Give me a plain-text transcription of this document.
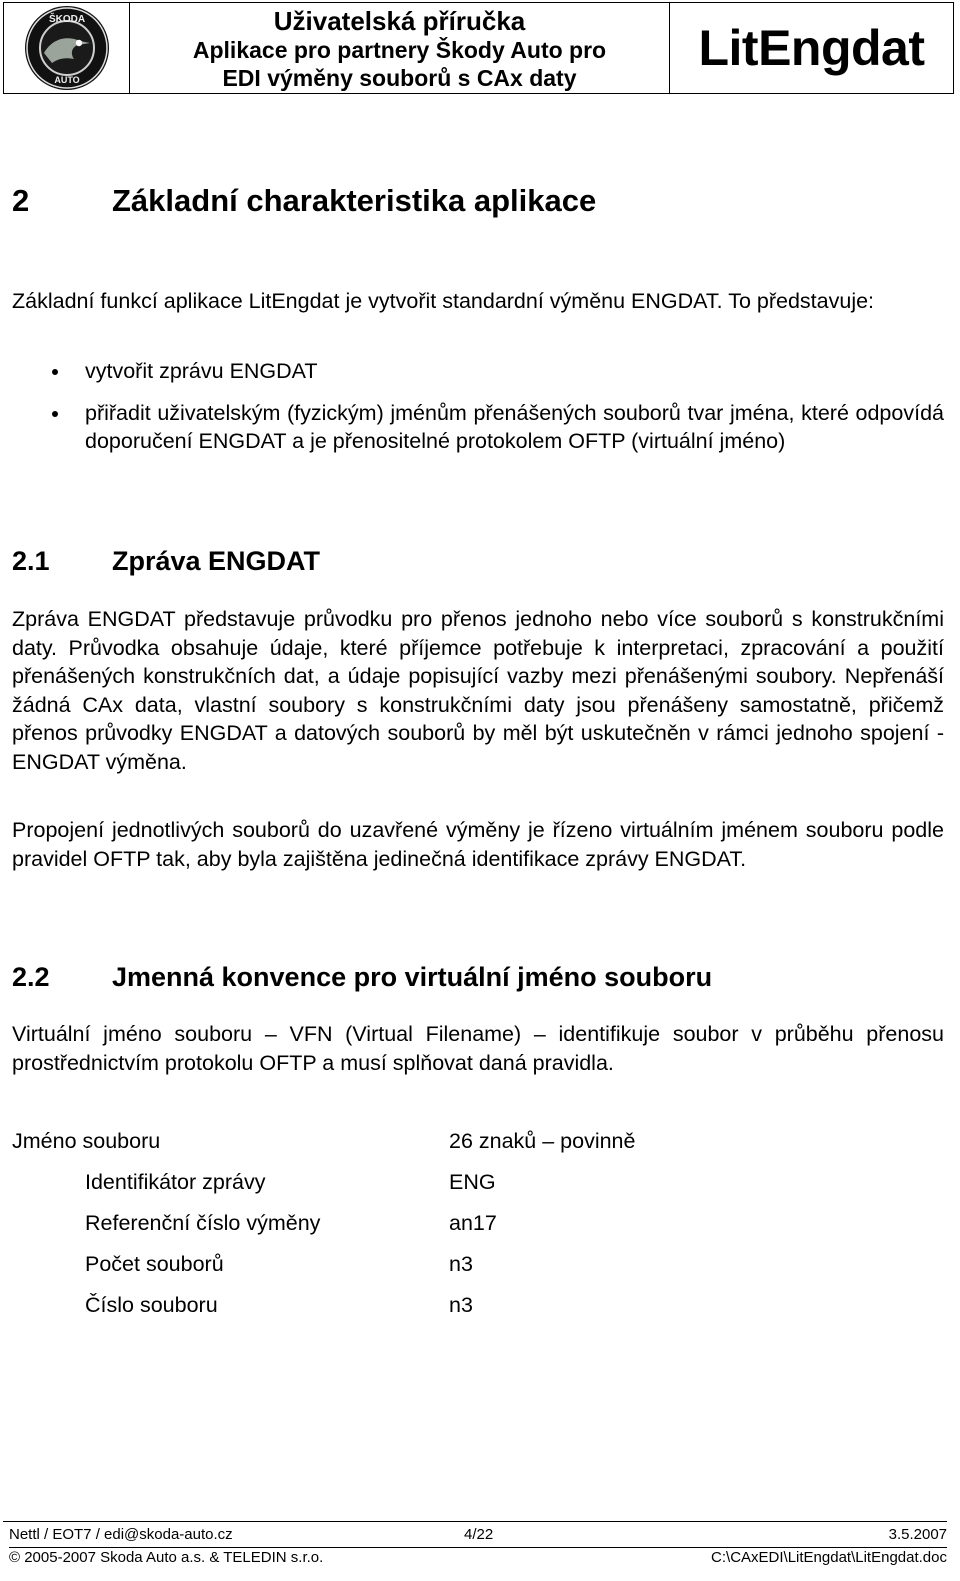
ŠKODA
AUTO
Uživatelská příručka
Aplikace pro partnery Škody Auto pro
EDI výměny souborů s CAx daty
LitEngdat
2	Základní charakteristika aplikace
Základní funkcí aplikace LitEngdat je vytvořit standardní výměnu ENGDAT. To představuje:
vytvořit zprávu ENGDAT
přiřadit uživatelským (fyzickým) jménům přenášených souborů tvar jména, které odpovídá doporučení ENGDAT a je přenositelné protokolem OFTP (virtuální jméno)
2.1 Zpráva ENGDAT
Zpráva ENGDAT představuje průvodku pro přenos jednoho nebo více souborů s konstrukčními daty. Průvodka obsahuje údaje, které příjemce potřebuje k interpretaci, zpracování a použití přenášených konstrukčních dat, a údaje popisující vazby mezi přenášenými soubory. Nepřenáší žádná CAx data, vlastní soubory s konstrukčními daty jsou přenášeny samostatně, přičemž přenos průvodky ENGDAT a datových souborů by měl být uskutečněn v rámci jednoho spojení - ENGDAT výměna.
Propojení jednotlivých souborů do uzavřené výměny je řízeno virtuálním jménem souboru podle pravidel OFTP tak, aby byla zajištěna jedinečná identifikace zprávy ENGDAT.
2.2 Jmenná konvence pro virtuální jméno souboru
Virtuální jméno souboru – VFN (Virtual Filename) – identifikuje soubor v průběhu přenosu prostřednictvím protokolu OFTP a musí splňovat daná pravidla.
Jméno souboru	26 znaků – povinně
Identifikátor zprávy	ENG
Referenční číslo výměny	an17
Počet souborů	n3
Číslo souboru	n3
Nettl / EOT7 / edi@skoda-auto.cz	4/22	3.5.2007
© 2005-2007 Skoda Auto a.s. & TELEDIN s.r.o.	C:\CAxEDI\LitEngdat\LitEngdat.doc
